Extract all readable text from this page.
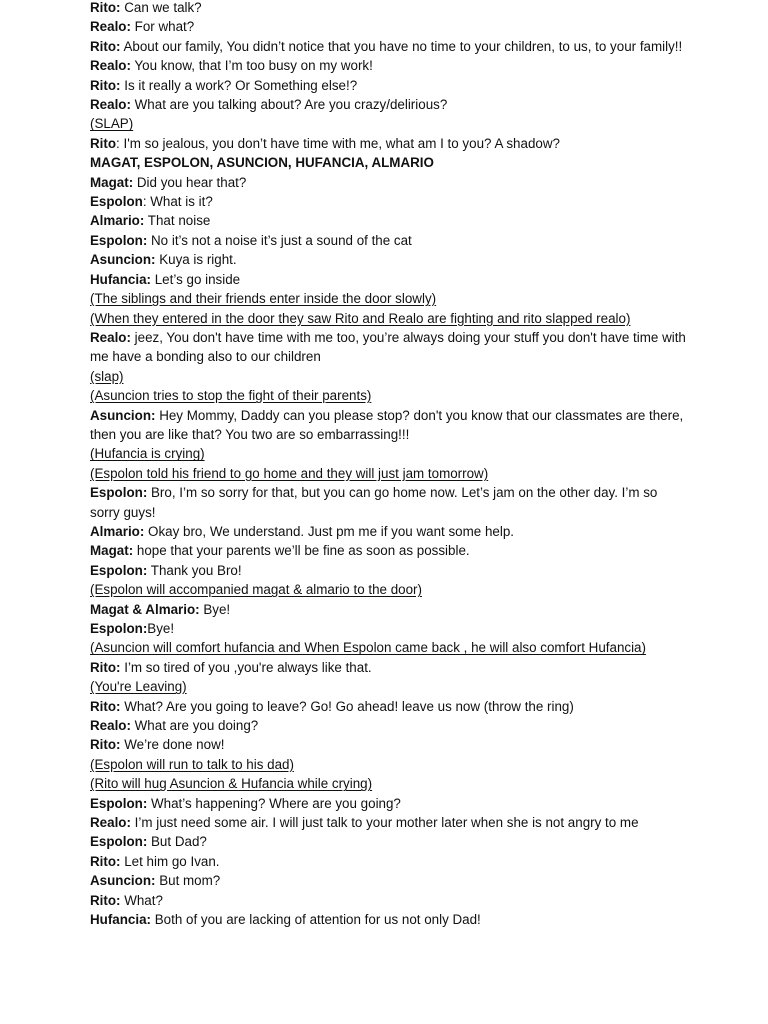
Rito: Can we talk?

Realo: For what?

Rito: About our family, You didn’t notice that you have no time to your children, to us, to your family!!

Realo: You know, that I’m too busy on my work!

Rito: Is it really a work? Or Something else!?

Realo: What are you talking about? Are you crazy/delirious?

(SLAP)

Rito: I'm so jealous, you don’t have time with me, what am I to you? A shadow?

MAGAT, ESPOLON, ASUNCION, HUFANCIA, ALMARIO

Magat: Did you hear that?

Espolon: What is it?

Almario: That noise

Espolon: No it’s not a noise it’s just a sound of the cat

Asuncion: Kuya is right.

Hufancia: Let’s go inside

(The siblings and their friends enter inside the door slowly)

(When they entered in the door they saw Rito and Realo are fighting and rito slapped realo)

Realo: jeez, You don't have time with me too, you’re always doing your stuff you don't have time with me have a bonding also to our children

(slap)

(Asuncion tries to stop the fight of their parents)

Asuncion: Hey Mommy, Daddy can you please stop? don't you know that our classmates are there, then you are like that? You two are so embarrassing!!!

(Hufancia is crying)

(Espolon told his friend to go home and they will just jam tomorrow)

Espolon: Bro, I’m so sorry for that, but you can go home now. Let’s jam on the other day. I’m so sorry guys!

Almario: Okay bro, We understand. Just pm me if you want some help.

Magat: hope that your parents we’ll be fine as soon as possible.

Espolon: Thank you Bro!

(Espolon will accompanied magat & almario to the door)

Magat & Almario: Bye!

Espolon:Bye!

(Asuncion will comfort hufancia and When Espolon came back , he will also comfort Hufancia)

Rito: I’m so tired of you ,you're always like that.

(You're Leaving)

Rito: What? Are you going to leave? Go! Go ahead! leave us now (throw the ring)

Realo: What are you doing?

Rito: We’re done now!

(Espolon will run to talk to his dad)

(Rito will hug Asuncion & Hufancia while crying)

Espolon: What’s happening? Where are you going?

Realo: I’m just need some air. I will just talk to your mother later when she is not angry to me

Espolon: But Dad?

Rito: Let him go Ivan.

Asuncion: But mom?

Rito: What?

Hufancia: Both of you are lacking of attention for us not only Dad!
